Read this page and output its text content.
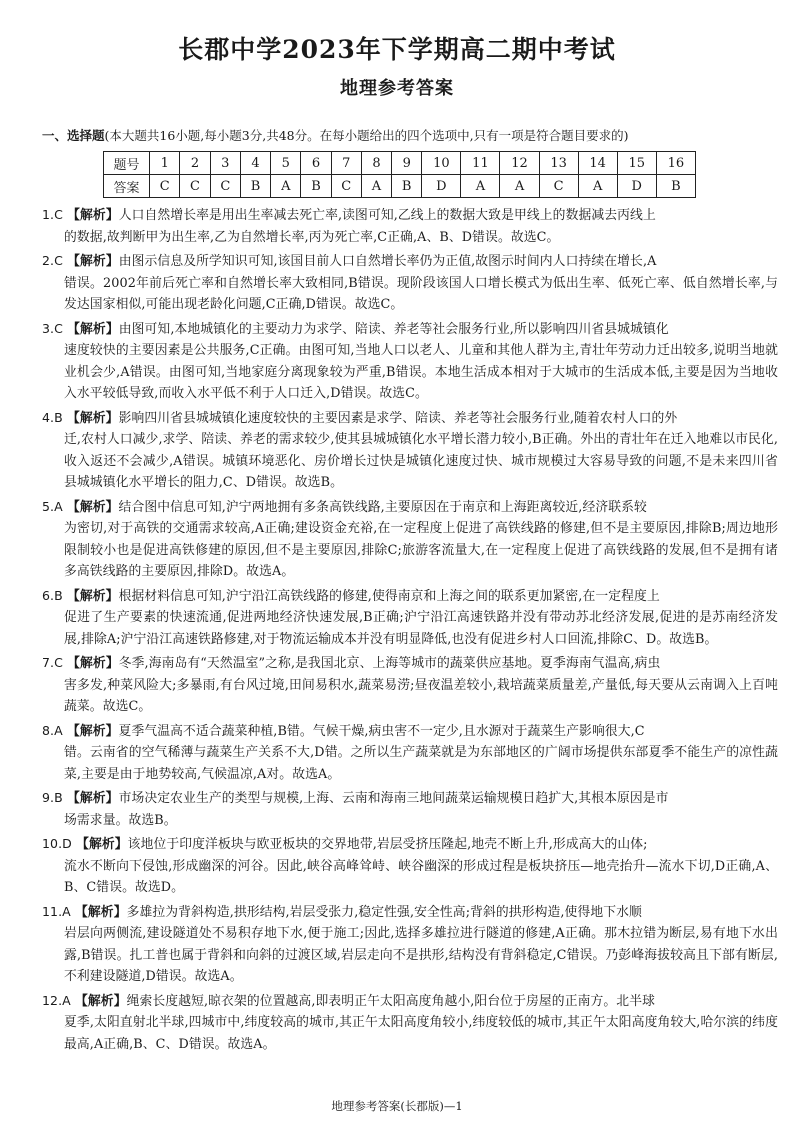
长郡中学2023年下学期高二期中考试
地理参考答案
一、选择题(本大题共16小题,每小题3分,共48分。在每小题给出的四个选项中,只有一项是符合题目要求的)
题号	1	2	3	4	5	6	7	8	9	10	11	12	13	14	15	16
答案	C	C	C	B	A	B	C	A	B	D	A	A	C	A	D	B
1.C 【解析】人口自然增长率是用出生率减去死亡率,读图可知,乙线上的数据大致是甲线上的数据减去丙线上
的数据,故判断甲为出生率,乙为自然增长率,丙为死亡率,C正确,A、B、D错误。故选C。
2.C 【解析】由图示信息及所学知识可知,该国目前人口自然增长率仍为正值,故图示时间内人口持续在增长,A
错误。2002年前后死亡率和自然增长率大致相同,B错误。现阶段该国人口增长模式为低出生率、低死亡率、低自然增长率,与发达国家相似,可能出现老龄化问题,C正确,D错误。故选C。
3.C 【解析】由图可知,本地城镇化的主要动力为求学、陪读、养老等社会服务行业,所以影响四川省县城城镇化
速度较快的主要因素是公共服务,C正确。由图可知,当地人口以老人、儿童和其他人群为主,青壮年劳动力迁出较多,说明当地就业机会少,A错误。由图可知,当地家庭分离现象较为严重,B错误。本地生活成本相对于大城市的生活成本低,主要是因为当地收入水平较低导致,而收入水平低不利于人口迁入,D错误。故选C。
4.B 【解析】影响四川省县城城镇化速度较快的主要因素是求学、陪读、养老等社会服务行业,随着农村人口的外
迁,农村人口减少,求学、陪读、养老的需求较少,使其县城城镇化水平增长潜力较小,B正确。外出的青壮年在迁入地难以市民化,收入返还不会减少,A错误。城镇环境恶化、房价增长过快是城镇化速度过快、城市规模过大容易导致的问题,不是未来四川省县城城镇化水平增长的阻力,C、D错误。故选B。
5.A 【解析】结合图中信息可知,沪宁两地拥有多条高铁线路,主要原因在于南京和上海距离较近,经济联系较
为密切,对于高铁的交通需求较高,A正确;建设资金充裕,在一定程度上促进了高铁线路的修建,但不是主要原因,排除B;周边地形限制较小也是促进高铁修建的原因,但不是主要原因,排除C;旅游客流量大,在一定程度上促进了高铁线路的发展,但不是拥有诸多高铁线路的主要原因,排除D。故选A。
6.B 【解析】根据材料信息可知,沪宁沿江高铁线路的修建,使得南京和上海之间的联系更加紧密,在一定程度上
促进了生产要素的快速流通,促进两地经济快速发展,B正确;沪宁沿江高速铁路并没有带动苏北经济发展,促进的是苏南经济发展,排除A;沪宁沿江高速铁路修建,对于物流运输成本并没有明显降低,也没有促进乡村人口回流,排除C、D。故选B。
7.C 【解析】冬季,海南岛有“天然温室”之称,是我国北京、上海等城市的蔬菜供应基地。夏季海南气温高,病虫
害多发,种菜风险大;多暴雨,有台风过境,田间易积水,蔬菜易涝;昼夜温差较小,栽培蔬菜质量差,产量低,每天要从云南调入上百吨蔬菜。故选C。
8.A 【解析】夏季气温高不适合蔬菜种植,B错。气候干燥,病虫害不一定少,且水源对于蔬菜生产影响很大,C
错。云南省的空气稀薄与蔬菜生产关系不大,D错。之所以生产蔬菜就是为东部地区的广阔市场提供东部夏季不能生产的凉性蔬菜,主要是由于地势较高,气候温凉,A对。故选A。
9.B 【解析】市场决定农业生产的类型与规模,上海、云南和海南三地间蔬菜运输规模日趋扩大,其根本原因是市
场需求量。故选B。
10.D 【解析】该地位于印度洋板块与欧亚板块的交界地带,岩层受挤压隆起,地壳不断上升,形成高大的山体;
流水不断向下侵蚀,形成幽深的河谷。因此,峡谷高峰耸峙、峡谷幽深的形成过程是板块挤压—地壳抬升—流水下切,D正确,A、B、C错误。故选D。
11.A 【解析】多雄拉为背斜构造,拱形结构,岩层受张力,稳定性强,安全性高;背斜的拱形构造,使得地下水顺
岩层向两侧流,建设隧道处不易积存地下水,便于施工;因此,选择多雄拉进行隧道的修建,A正确。那木拉错为断层,易有地下水出露,B错误。扎工普也属于背斜和向斜的过渡区域,岩层走向不是拱形,结构没有背斜稳定,C错误。乃彭峰海拔较高且下部有断层,不利建设隧道,D错误。故选A。
12.A 【解析】绳索长度越短,晾衣架的位置越高,即表明正午太阳高度角越小,阳台位于房屋的正南方。北半球
夏季,太阳直射北半球,四城市中,纬度较高的城市,其正午太阳高度角较小,纬度较低的城市,其正午太阳高度角较大,哈尔滨的纬度最高,A正确,B、C、D错误。故选A。
地理参考答案(长郡版)—1
